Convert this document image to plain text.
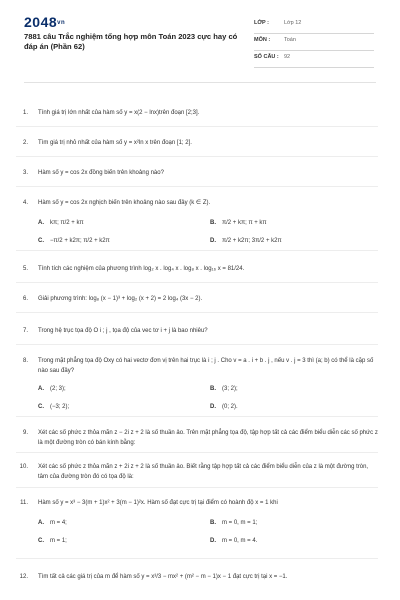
$2048^{vn}$
7881 câu Trắc nghiệm tổng hợp môn Toán 2023 cực hay có đáp án (Phần 62)
LỚP :	Lớp 12
MÔN :	Toán
SỐ CÂU : 92
1. Tính giá trị lớn nhất của hàm số y = x(2 − lnx)trên đoạn [2;3].
2. Tìm giá trị nhỏ nhất của hàm số y = x²ln x trên đoạn [1; 2].
3. Hàm số y = cos 2x đồng biến trên khoảng nào?
4. Hàm số y = cos 2x nghịch biến trên khoảng nào sau đây (k ∈ Z).
A. kπ; π/2 + kπ	B. π/2 + kπ; π + kπ
C. −π/2 + k2π; π/2 + k2π	D. π/2 + k2π; 3π/2 + k2π
5. Tính tích các nghiệm của phương trình log₂ x . log₄ x . log₈ x . log₁₆ x = 81/24.
6. Giải phương trình: log₈ (x − 1)³ + log₂ (x + 2) = 2 log₄ (3x − 2).
7. Trong hệ trục tọa độ O i ; j , tọa độ của vec tơ i + j là bao nhiêu?
8. Trong mặt phẳng tọa độ Oxy có hai vectơ đơn vị trên hai trục là i ; j . Cho v = a . i + b . j , nếu v . j = 3 thì (a; b) có thể là cặp số nào sau đây?
A. (2; 3);	B. (3; 2);
C. (−3; 2);	D. (0; 2).
9. Xét các số phức z thỏa mãn z − 2i z + 2 là số thuần ảo. Trên mặt phẳng tọa độ, tập hợp tất cả các điểm biểu diễn các số phức z là một đường tròn có bán kính bằng:
10. Xét các số phức z thỏa mãn z + 2i z + 2 là số thuần ảo. Biết rằng tập hợp tất cả các điểm biểu diễn của z là một đường tròn, tâm của đường tròn đó có tọa độ là:
11. Hàm số y = x³ − 3(m + 1)x² + 3(m − 1)²x. Hàm số đạt cực trị tại điểm có hoành độ x = 1 khi
A. m = 4;	B. m = 0, m = 1;
C. m = 1;	D. m = 0, m = 4.
12. Tìm tất cả các giá trị của m để hàm số y = x³/3 − mx² + (m² − m − 1)x − 1 đạt cực trị tại x = −1.
